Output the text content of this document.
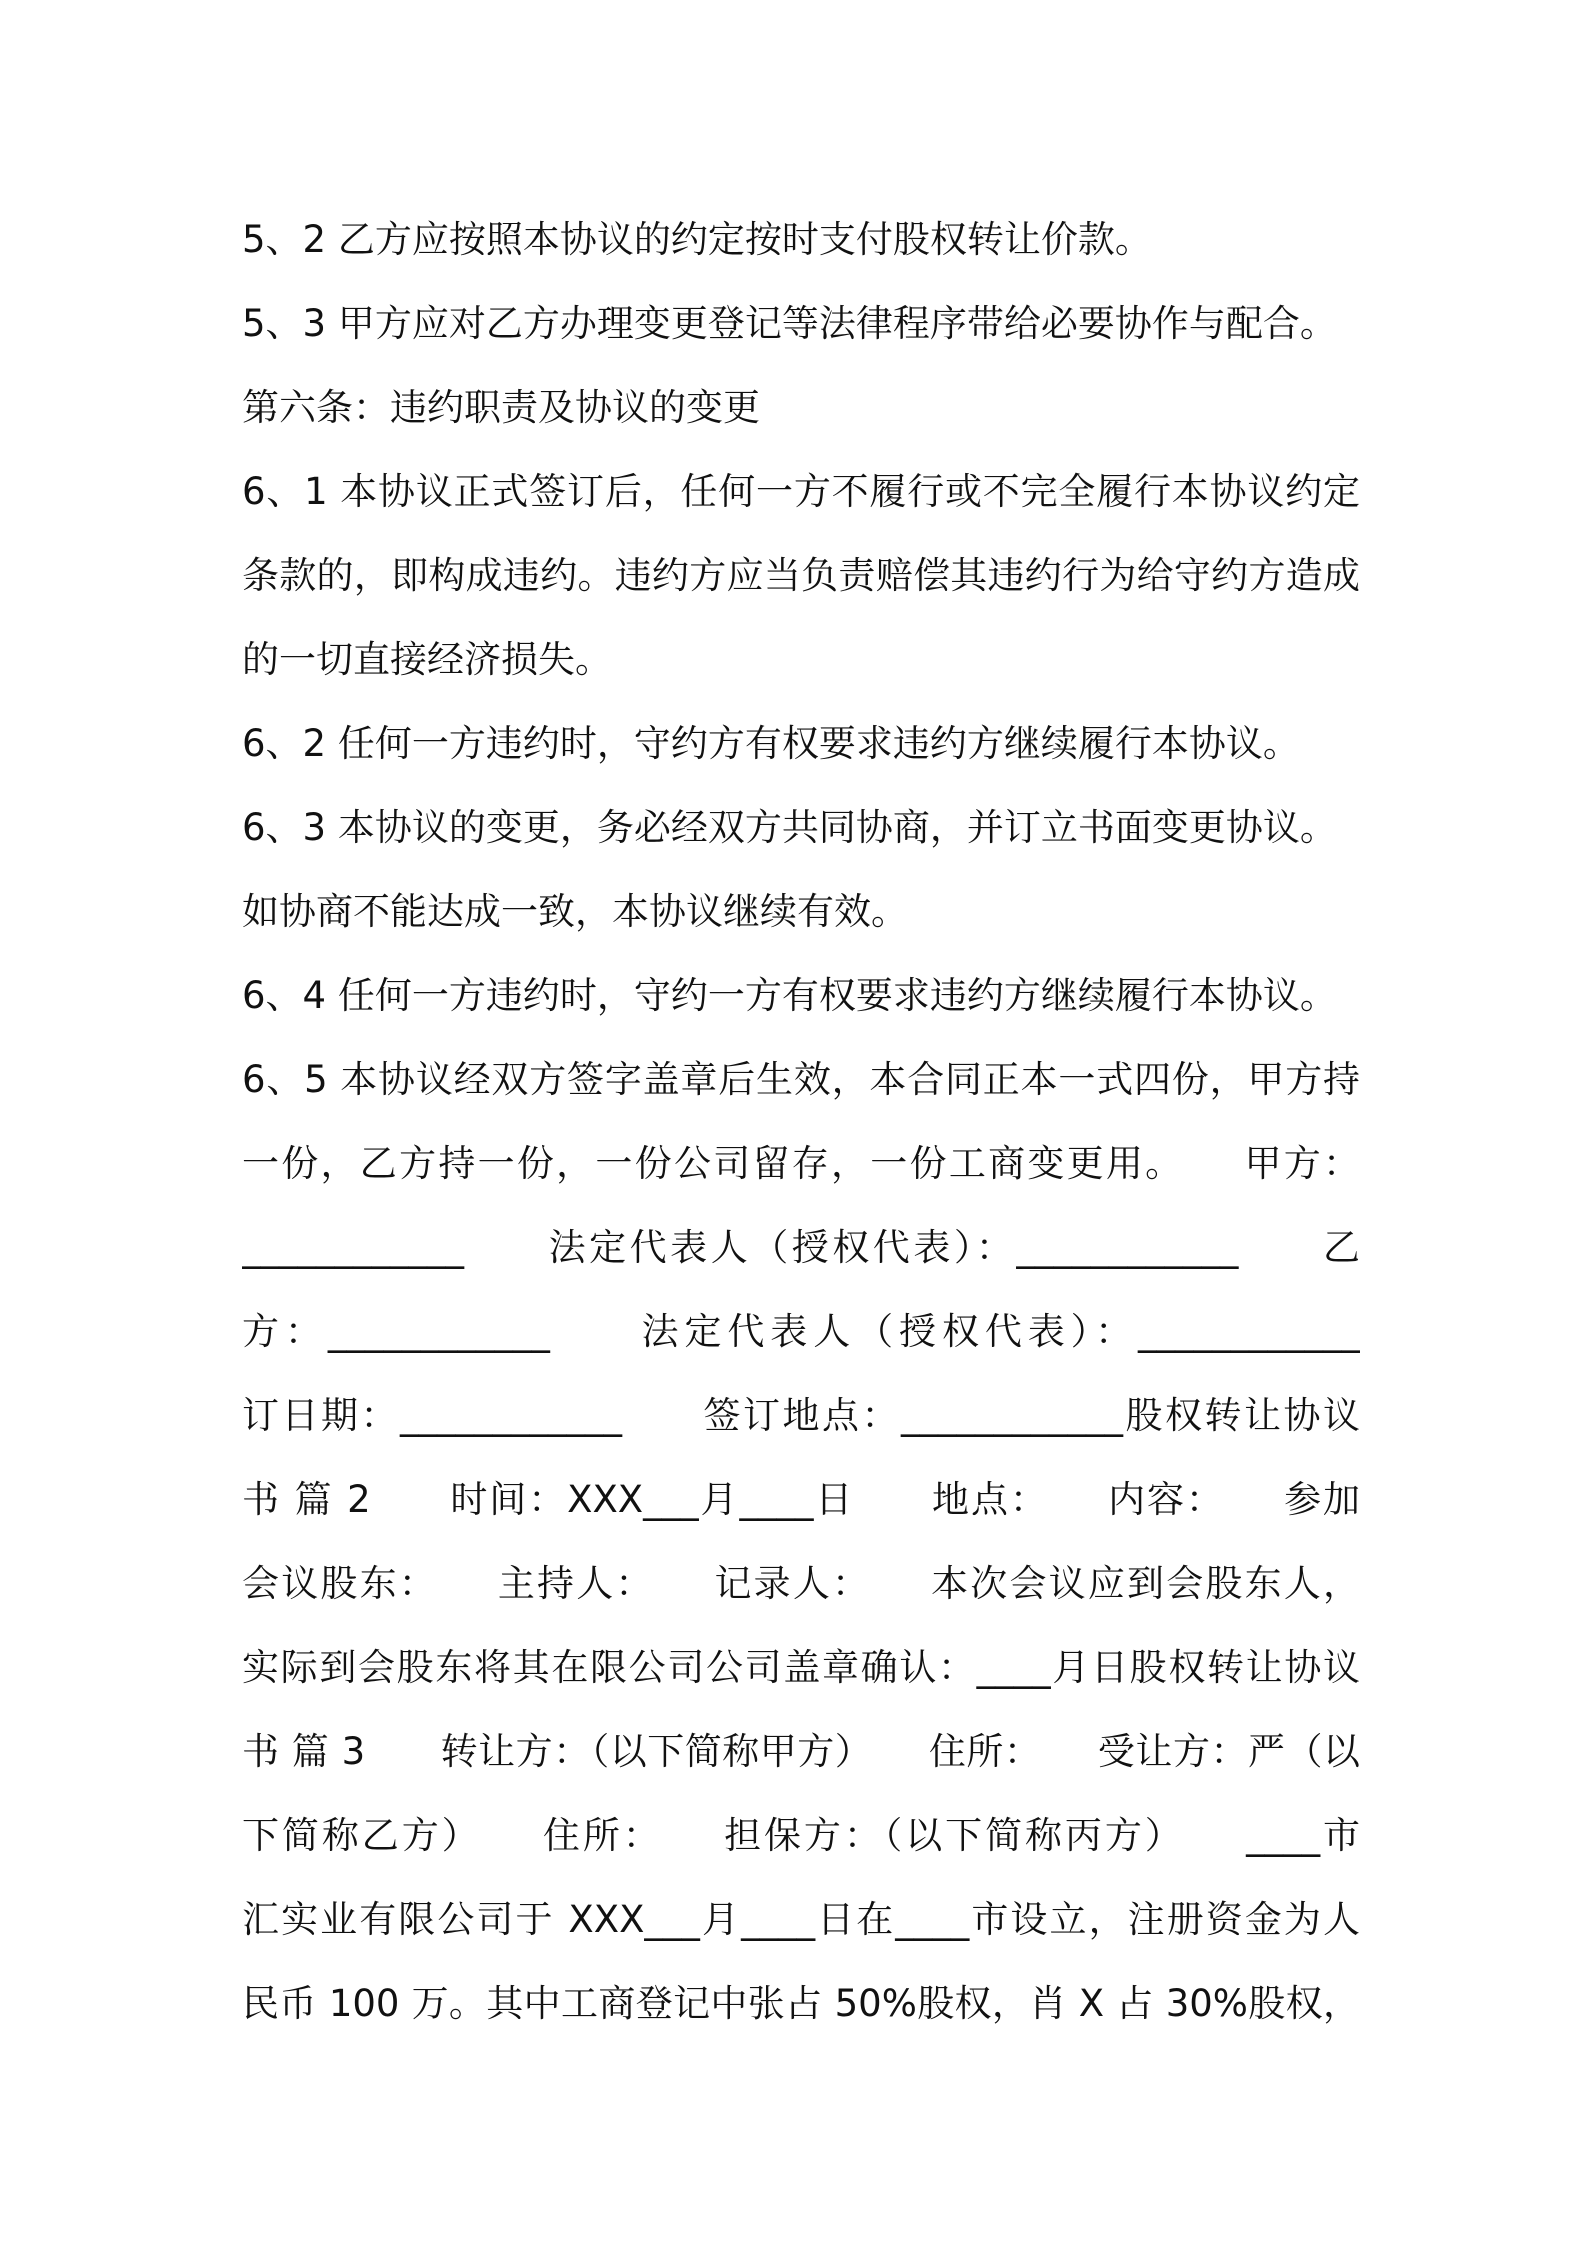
5、2 乙方应按照本协议的约定按时支付股权转让价款。
5、3 甲方应对乙方办理变更登记等法律程序带给必要协作与配合。
第六条：违约职责及协议的变更
6、1 本协议正式签订后，任何一方不履行或不完全履行本协议约定
条款的，即构成违约。违约方应当负责赔偿其违约行为给守约方造成
的一切直接经济损失。
6、2 任何一方违约时，守约方有权要求违约方继续履行本协议。
6、3 本协议的变更，务必经双方共同协商，并订立书面变更协议。
如协商不能达成一致，本协议继续有效。
6、4 任何一方违约时，守约一方有权要求违约方继续履行本协议。
6、5 本协议经双方签字盖章后生效，本合同正本一式四份，甲方持
一份，乙方持一份，一份公司留存，一份工商变更用。　　甲方：
____________　　法定代表人（授权代表）：____________　　乙
方：____________　　法定代表人（授权代表）：____________　　
订日期：____________　　签订地点：____________股权转让协议
书 篇 2　　时间：XXX___月____日　　地点：　　内容：　　参加
会议股东：　　主持人：　　记录人：　　本次会议应到会股东人，
实际到会股东将其在限公司公司盖章确认：____月日股权转让协议
书 篇 3　　转让方：（以下简称甲方）　　住所：　　受让方：严（以
下简称乙方）　　住所：　　担保方：（以下简称丙方）　　____市
汇实业有限公司于 XXX___月____日在____市设立，注册资金为人
民币 100 万。其中工商登记中张占 50%股权，肖 X 占 30%股权，
